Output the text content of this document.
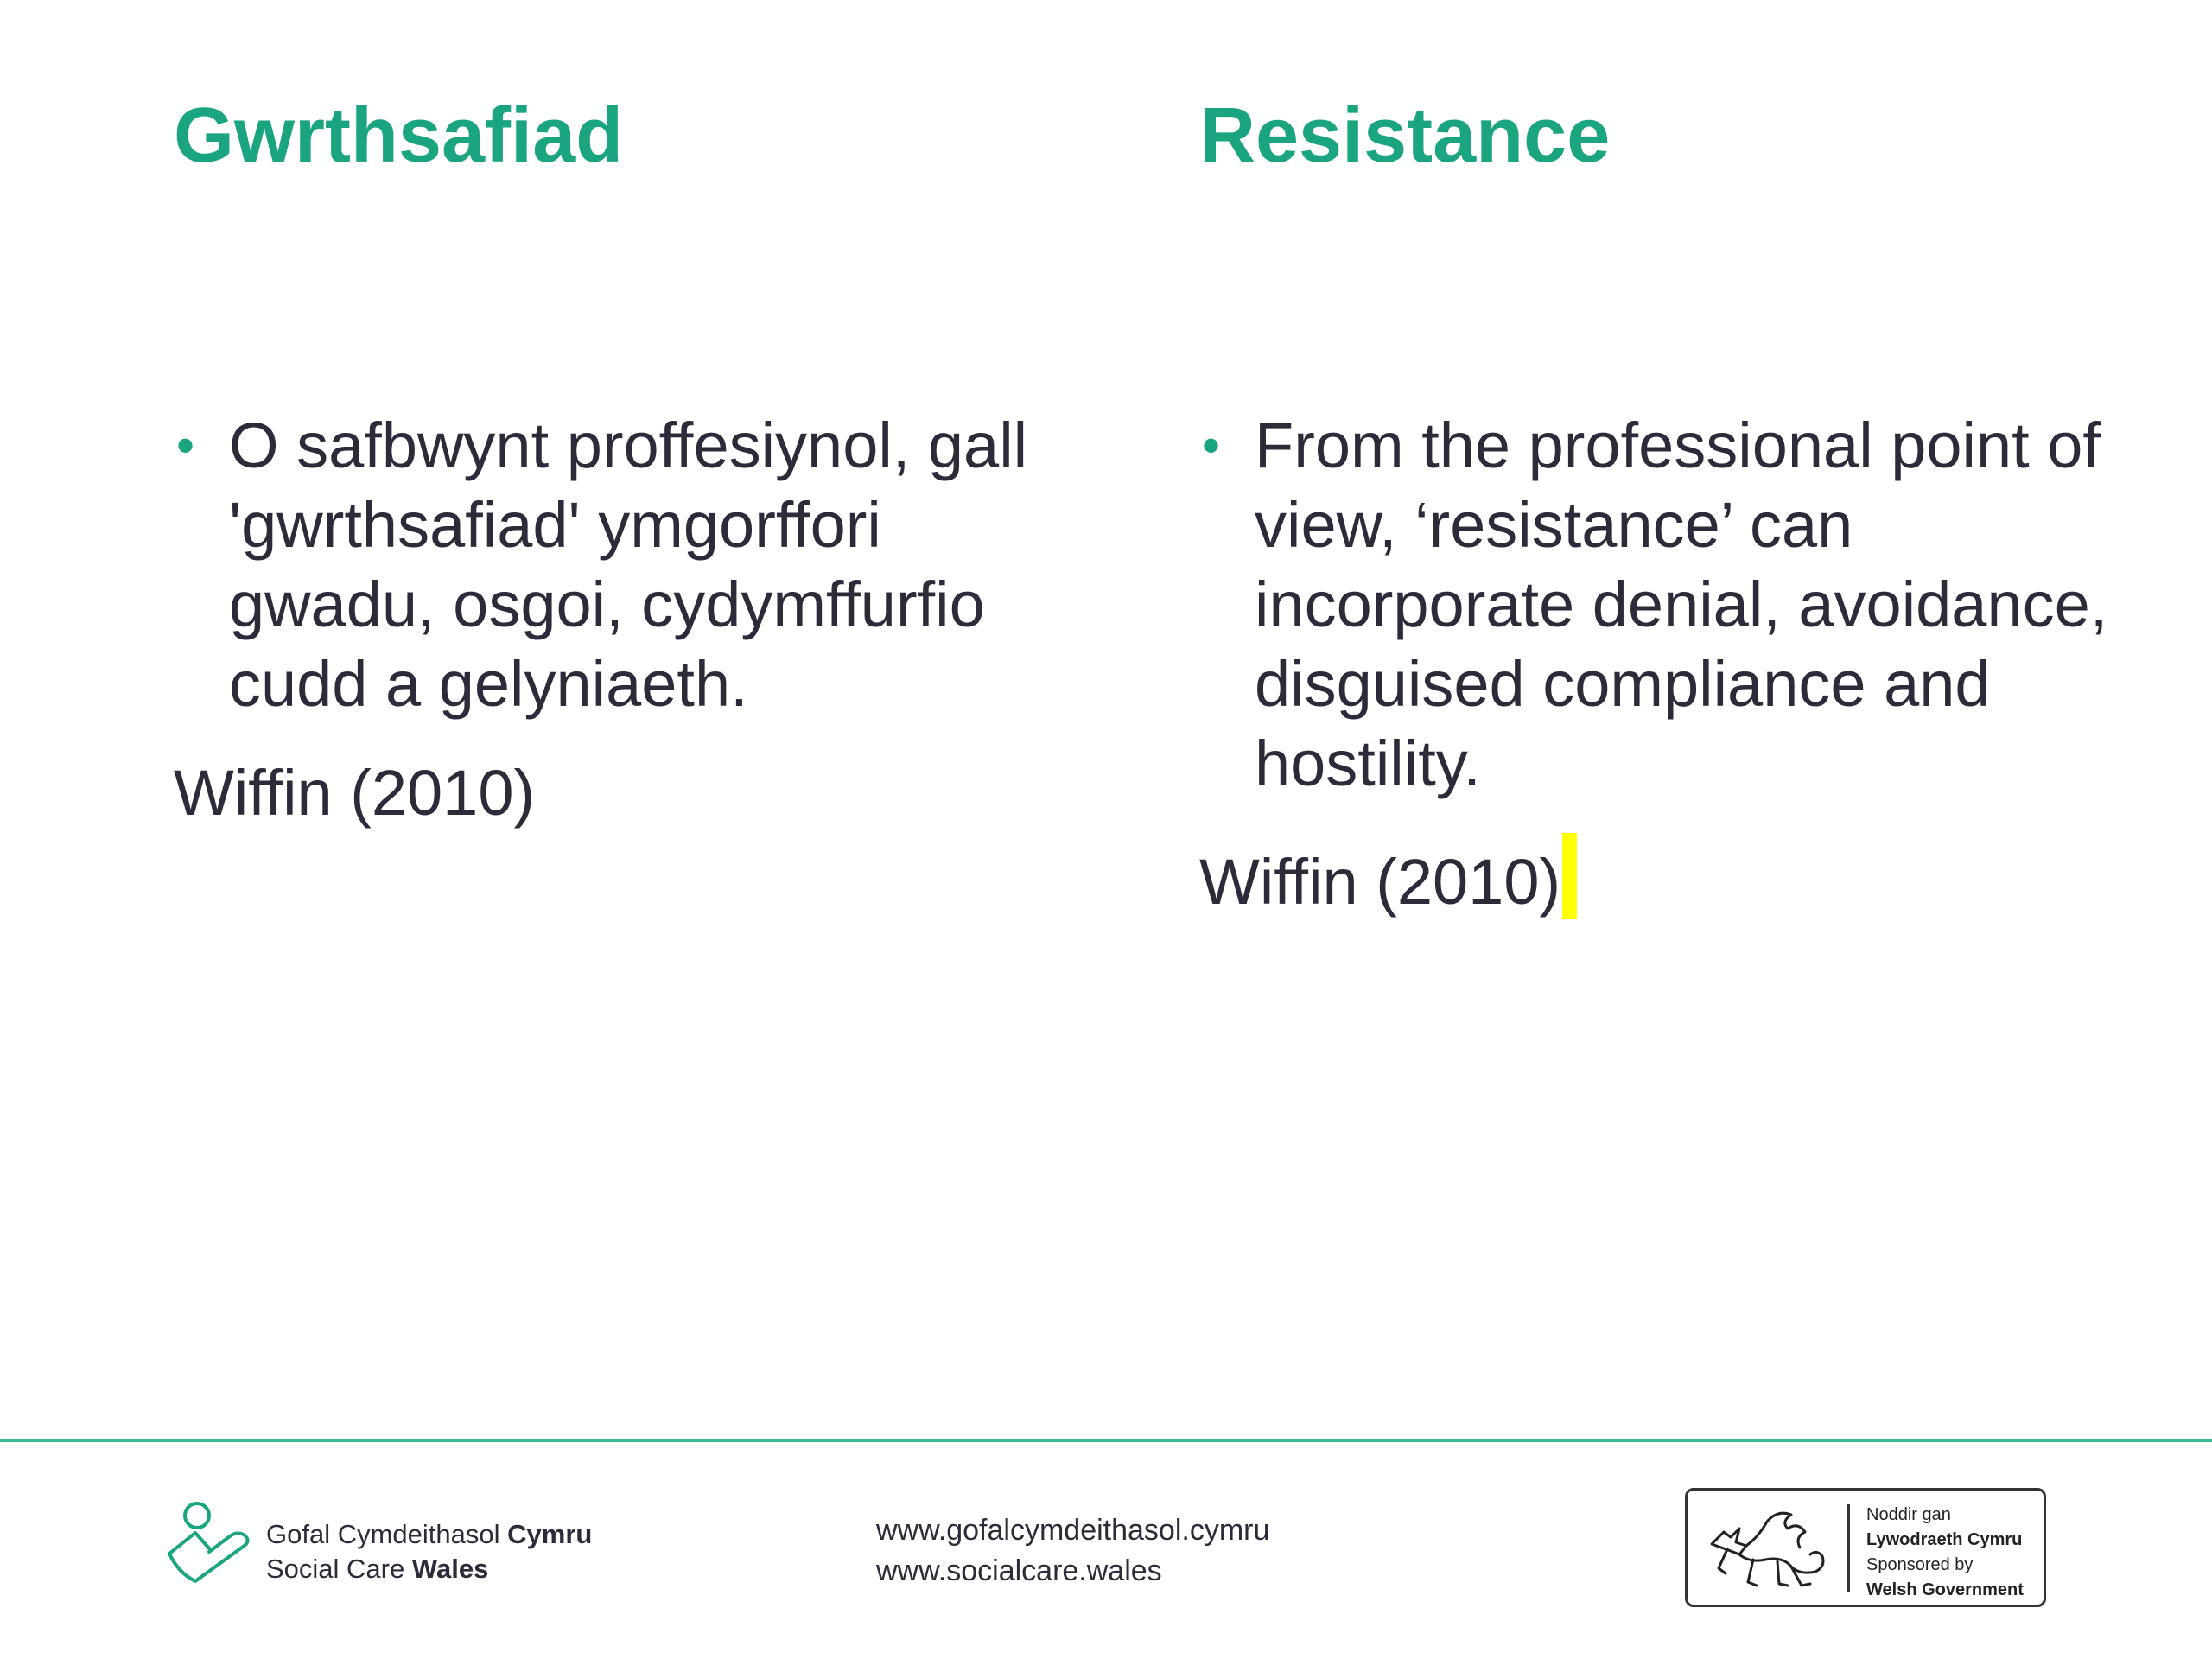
Gwrthsafiad	Resistance
• O safbwynt proffesiynol, gall 'gwrthsafiad' ymgorffori gwadu, osgoi, cydymffurfio cudd a gelyniaeth.
Wiffin (2010)
• From the professional point of view, ‘resistance’ can incorporate denial, avoidance, disguised compliance and hostility.
Wiffin (2010)
Gofal Cymdeithasol Cymru
Social Care Wales
www.gofalcymdeithasol.cymru
www.socialcare.wales
Noddir gan
Lywodraeth Cymru
Sponsored by
Welsh Government
